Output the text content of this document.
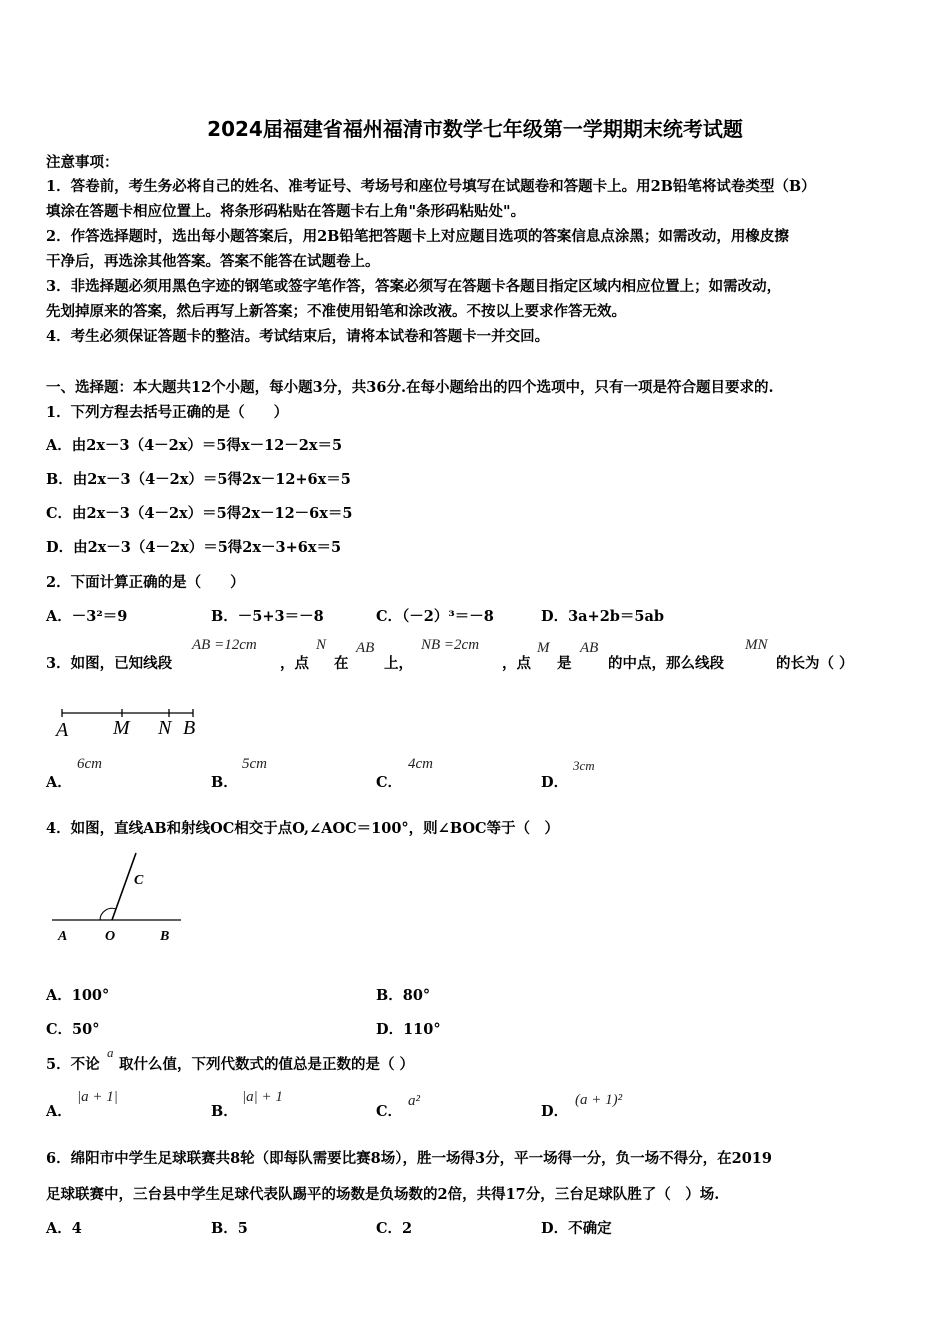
2024届福建省福州福清市数学七年级第一学期期末统考试题
注意事项：
1．答卷前，考生务必将自己的姓名、准考证号、考场号和座位号填写在试题卷和答题卡上。用2B铅笔将试卷类型（B）
填涂在答题卡相应位置上。将条形码粘贴在答题卡右上角"条形码粘贴处"。
2．作答选择题时，选出每小题答案后，用2B铅笔把答题卡上对应题目选项的答案信息点涂黑；如需改动，用橡皮擦
干净后，再选涂其他答案。答案不能答在试题卷上。
3．非选择题必须用黑色字迹的钢笔或签字笔作答，答案必须写在答题卡各题目指定区域内相应位置上；如需改动，
先划掉原来的答案，然后再写上新答案；不准使用铅笔和涂改液。不按以上要求作答无效。
4．考生必须保证答题卡的整洁。考试结束后，请将本试卷和答题卡一并交回。
一、选择题：本大题共12个小题，每小题3分，共36分.在每小题给出的四个选项中，只有一项是符合题目要求的.
1．下列方程去括号正确的是（　　）
A．由2x－3（4－2x）＝5得x－12－2x＝5
B．由2x－3（4－2x）＝5得2x－12+6x＝5
C．由2x－3（4－2x）＝5得2x－12－6x＝5
D．由2x－3（4－2x）＝5得2x－3+6x＝5
2．下面计算正确的是（　　）
A．－3²＝9	B．－5+3＝－8	C．（－2）³＝－8	D．3a+2b＝5ab
3．如图，已知线段
AB =12cm
，点
N
在
AB
上，
NB =2cm
，点
M
是
AB
的中点，那么线段
MN
的长为（ ）
A M N B
A．
6cm
B．
5cm
C．
4cm
D．
3cm
4．如图，直线AB和射线OC相交于点O,∠AOC＝100°，则∠BOC等于（　）
C
A	O	B
A．100°	B．80°
C．50°	D．110°
5．不论
a
取什么值，下列代数式的值总是正数的是（ ）
A．
|a + 1|
B．
|a| + 1
C．
a²
D．
(a + 1)²
6．绵阳市中学生足球联赛共8轮（即每队需要比赛8场），胜一场得3分，平一场得一分，负一场不得分，在2019
足球联赛中，三台县中学生足球代表队踢平的场数是负场数的2倍，共得17分，三台足球队胜了（　）场.
A．4	B．5	C．2	D．不确定
